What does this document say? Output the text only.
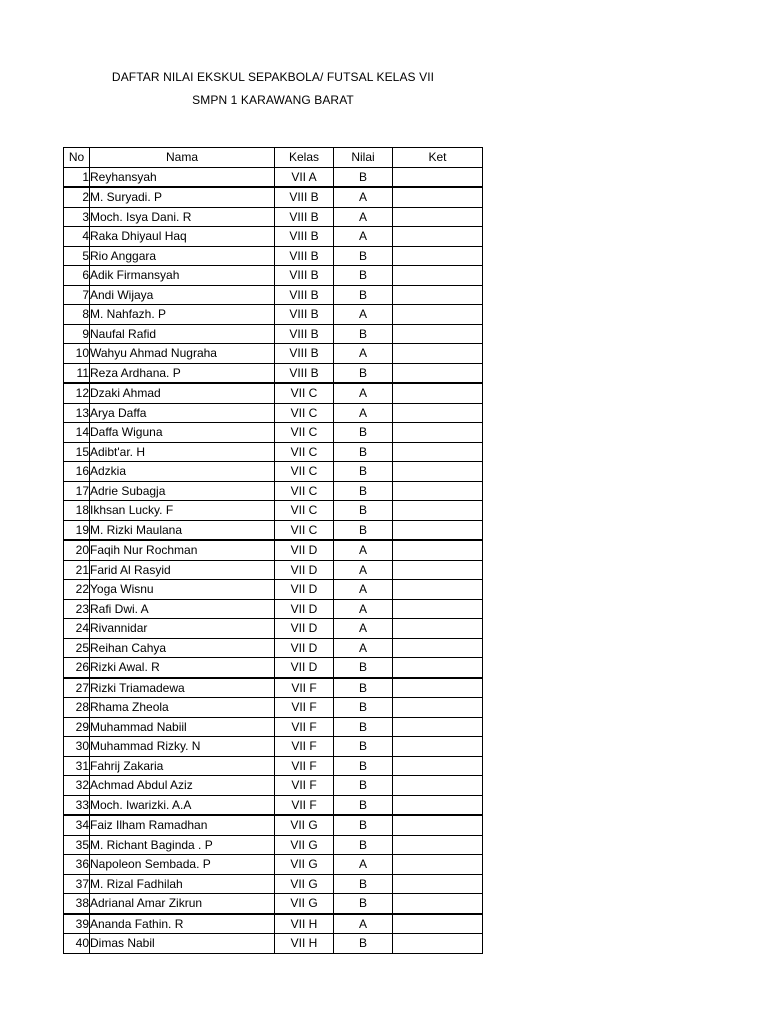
DAFTAR NILAI EKSKUL SEPAKBOLA/ FUTSAL KELAS VII
SMPN 1 KARAWANG BARAT
No	Nama	Kelas	Nilai	Ket
1	Reyhansyah	VII A	B	
2	M. Suryadi. P	VIII B	A	
3	Moch. Isya Dani. R	VIII B	A	
4	Raka Dhiyaul Haq	VIII B	A	
5	Rio Anggara	VIII B	B	
6	Adik Firmansyah	VIII B	B	
7	Andi Wijaya	VIII B	B	
8	M. Nahfazh. P	VIII B	A	
9	Naufal Rafid	VIII B	B	
10	Wahyu Ahmad Nugraha	VIII B	A	
11	Reza Ardhana. P	VIII B	B	
12	Dzaki Ahmad	VII C	A	
13	Arya Daffa	VII C	A	
14	Daffa Wiguna	VII C	B	
15	Adibt'ar. H	VII C	B	
16	Adzkia	VII C	B	
17	Adrie Subagja	VII C	B	
18	Ikhsan Lucky. F	VII C	B	
19	M. Rizki Maulana	VII C	B	
20	Faqih Nur Rochman	VII D	A	
21	Farid Al Rasyid	VII D	A	
22	Yoga Wisnu	VII D	A	
23	Rafi Dwi. A	VII D	A	
24	Rivannidar	VII D	A	
25	Reihan Cahya	VII D	A	
26	Rizki Awal. R	VII D	B	
27	Rizki Triamadewa	VII F	B	
28	Rhama Zheola	VII F	B	
29	Muhammad Nabiil	VII F	B	
30	Muhammad Rizky. N	VII F	B	
31	Fahrij Zakaria	VII F	B	
32	Achmad Abdul Aziz	VII F	B	
33	Moch. Iwarizki. A.A	VII F	B	
34	Faiz Ilham Ramadhan	VII G	B	
35	M. Richant Baginda . P	VII G	B	
36	Napoleon Sembada. P	VII G	A	
37	M. Rizal Fadhilah	VII G	B	
38	Adrianal Amar Zikrun	VII G	B	
39	Ananda Fathin. R	VII H	A	
40	Dimas Nabil	VII H	B	
